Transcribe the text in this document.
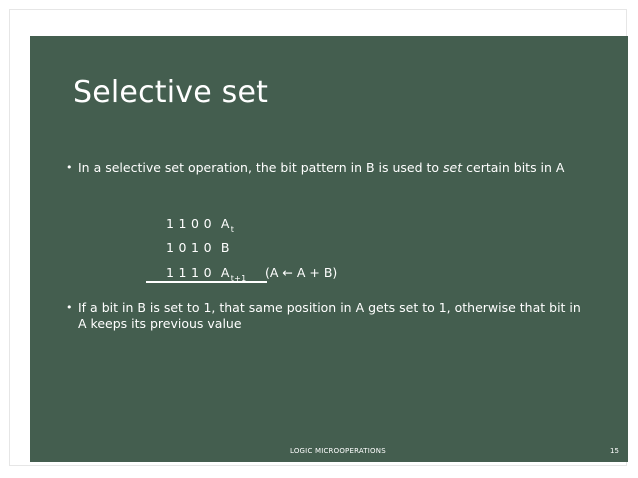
Selective set
• In a selective set operation, the bit pattern in B is used to set certain bits in A
1 1 0 0 $A_t$
1 0 1 0 B
1 1 1 0 $A_{t+1}$ (A ← A + B)
• If a bit in B is set to 1, that same position in A gets set to 1, otherwise that bit in A keeps its previous value
LOGIC MICROOPERATIONS	15
